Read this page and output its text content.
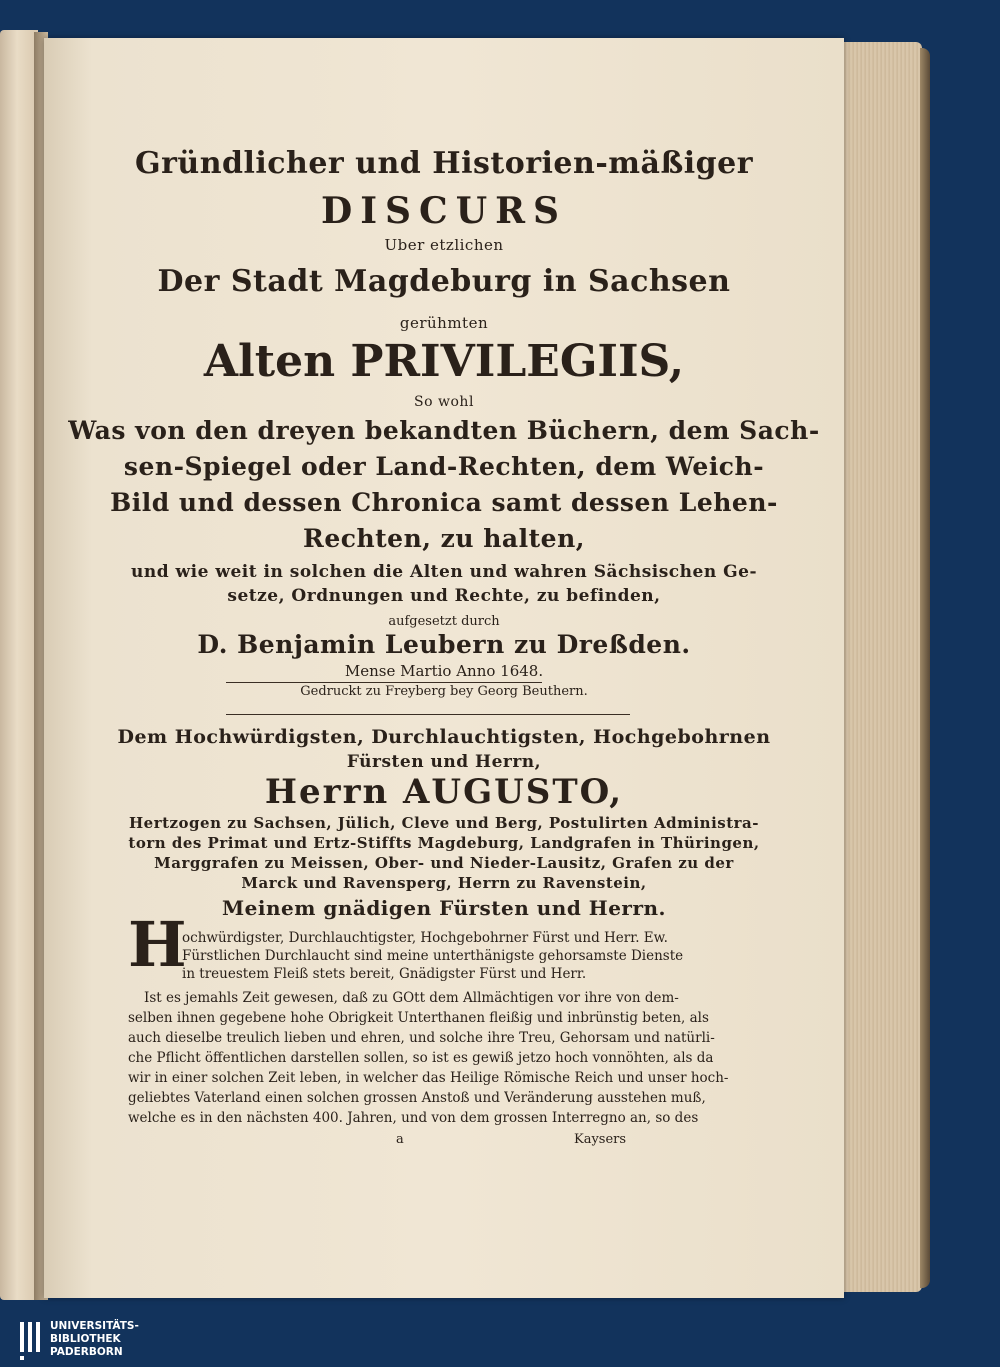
Gründlicher und Historien-mäßiger
DISCURS
Uber etzlichen
Der Stadt Magdeburg in Sachsen
gerühmten
Alten PRIVILEGIIS,
So wohl
Was von den dreyen bekandten Büchern, dem Sach-
sen-Spiegel oder Land-Rechten, dem Weich-
Bild und dessen Chronica samt dessen Lehen-
Rechten, zu halten,
und wie weit in solchen die Alten und wahren Sächsischen Ge-
setze, Ordnungen und Rechte, zu befinden,
aufgesetzt durch
D. Benjamin Leubern zu Dreßden.
Mense Martio Anno 1648.
Gedruckt zu Freyberg bey Georg Beuthern.
Dem Hochwürdigsten, Durchlauchtigsten, Hochgebohrnen
Fürsten und Herrn,
Herrn AUGUSTO,
Hertzogen zu Sachsen, Jülich, Cleve und Berg, Postulirten Administra-
torn des Primat und Ertz-Stiffts Magdeburg, Landgrafen in Thüringen,
Marggrafen zu Meissen, Ober- und Nieder-Lausitz, Grafen zu der
Marck und Ravensperg, Herrn zu Ravenstein,
Meinem gnädigen Fürsten und Herrn.
H
ochwürdigster, Durchlauchtigster, Hochgebohrner Fürst und Herr. Ew.
Fürstlichen Durchlaucht sind meine unterthänigste gehorsamste Dienste
in treuestem Fleiß stets bereit, Gnädigster Fürst und Herr.
Ist es jemahls Zeit gewesen, daß zu GOtt dem Allmächtigen vor ihre von dem-
selben ihnen gegebene hohe Obrigkeit Unterthanen fleißig und inbrünstig beten, als
auch dieselbe treulich lieben und ehren, und solche ihre Treu, Gehorsam und natürli-
che Pflicht öffentlichen darstellen sollen, so ist es gewiß jetzo hoch vonnöhten, als da
wir in einer solchen Zeit leben, in welcher das Heilige Römische Reich und unser hoch-
geliebtes Vaterland einen solchen grossen Anstoß und Veränderung ausstehen muß,
welche es in den nächsten 400. Jahren, und von dem grossen Interregno an, so des
a	Kaysers
UNIVERSITÄTS-
BIBLIOTHEK
PADERBORN
